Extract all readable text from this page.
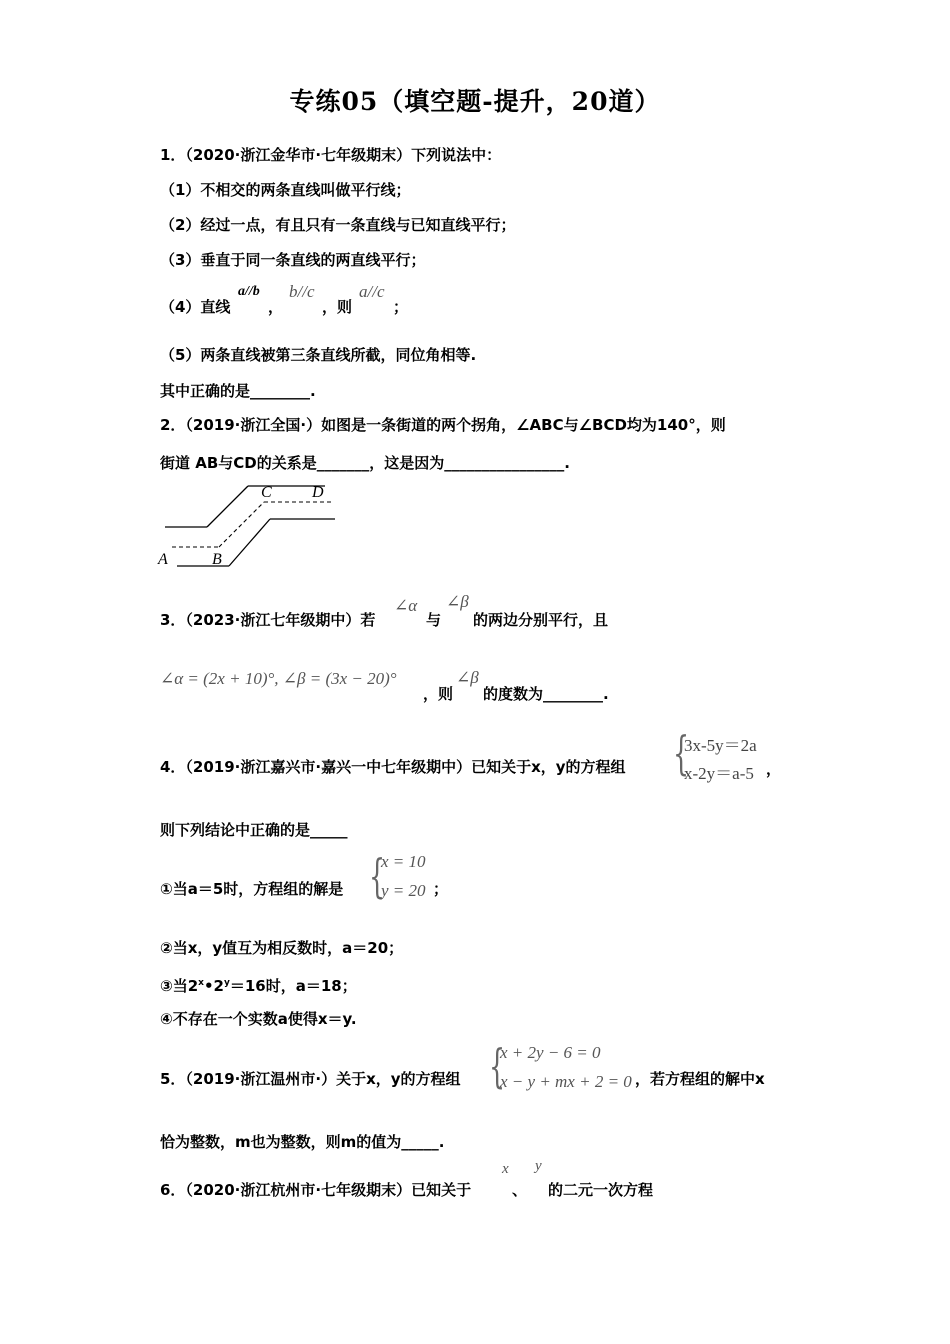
专练05（填空题-提升，20道）
1．（2020·浙江金华市·七年级期末）下列说法中：
（1）不相交的两条直线叫做平行线；
（2）经过一点，有且只有一条直线与已知直线平行；
（3）垂直于同一条直线的两直线平行；
（4）直线
a//b
，
b//c
，则
a//c
；
（5）两条直线被第三条直线所截，同位角相等.
其中正确的是________.
2．（2019·浙江全国·）如图是一条街道的两个拐角，∠ABC与∠BCD均为140°，则
街道 AB与CD的关系是_______，这是因为________________.
A	B
C	D
3．（2023·浙江七年级期中）若
∠α
与
∠β
的两边分别平行，且
∠α = (2x + 10)°, ∠β = (3x − 20)°
，则
∠β
的度数为________.
4．（2019·浙江嘉兴市·嘉兴一中七年级期中）已知关于x，y的方程组 {
3x-5y＝2a
x-2y＝a-5 ，
则下列结论中正确的是_____
①当a＝5时，方程组的解是 {
x = 10
y = 20 ；
②当x，y值互为相反数时，a＝20；
③当$2^x•2^y=16$时，a＝18；
④不存在一个实数a使得x＝y.
5．（2019·浙江温州市·）关于x，y的方程组 {
x + 2y − 6 = 0
x − y + mx + 2 = 0 ，若方程组的解中x
恰为整数，m也为整数，则m的值为_____.
6．（2020·浙江杭州市·七年级期末）已知关于
x
、
y
的二元一次方程
